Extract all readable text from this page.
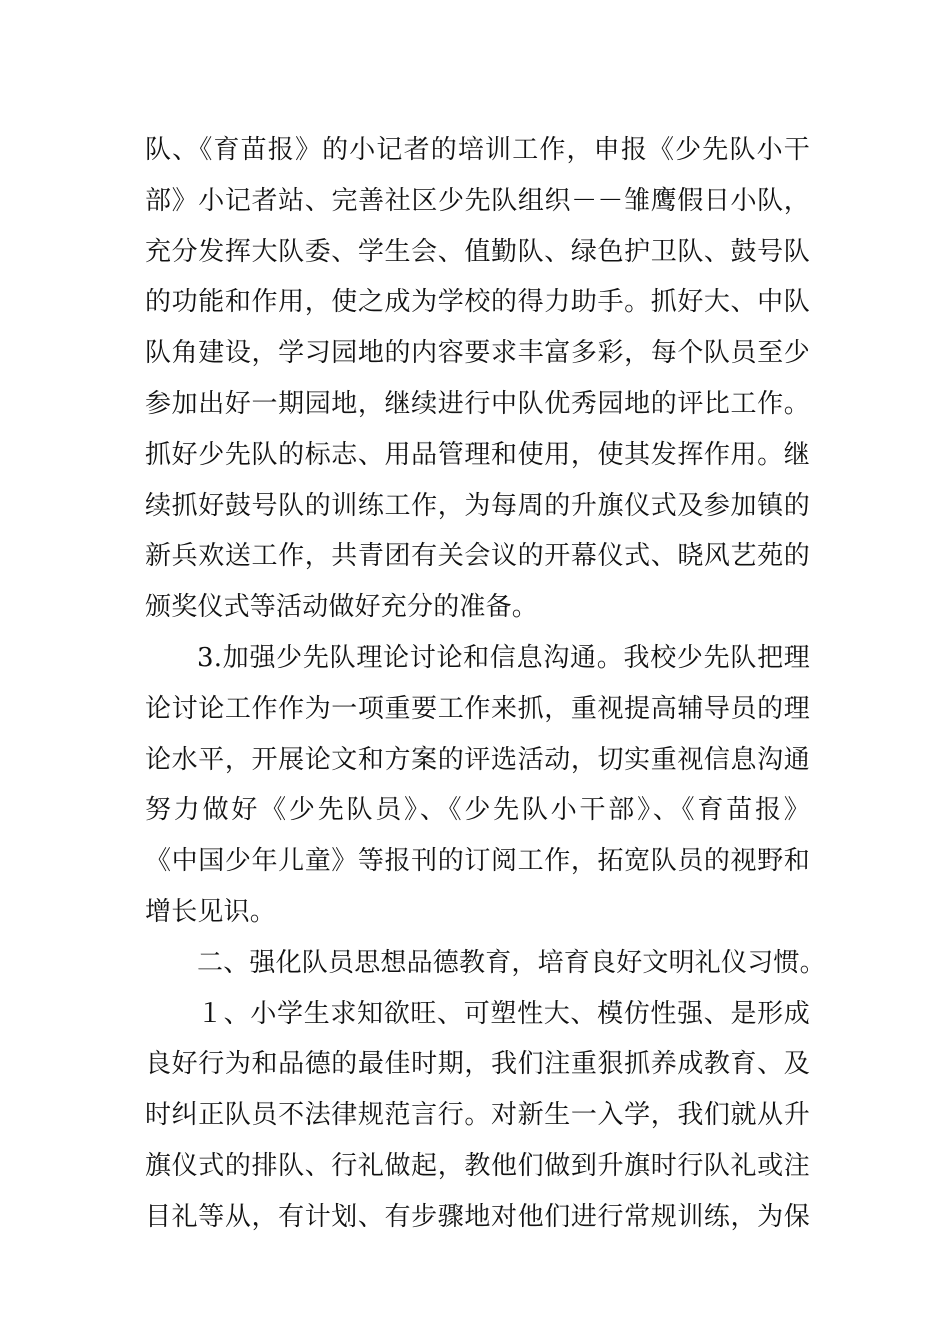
队、《育苗报》的小记者的培训工作，申报《少先队小干
部》小记者站、完善社区少先队组织－－雏鹰假日小队，
充分发挥大队委、学生会、值勤队、绿色护卫队、鼓号队
的功能和作用，使之成为学校的得力助手。抓好大、中队
队角建设，学习园地的内容要求丰富多彩，每个队员至少
参加出好一期园地，继续进行中队优秀园地的评比工作。
抓好少先队的标志、用品管理和使用，使其发挥作用。继
续抓好鼓号队的训练工作，为每周的升旗仪式及参加镇的
新兵欢送工作，共青团有关会议的开幕仪式、晓风艺苑的
颁奖仪式等活动做好充分的准备。
3.加强少先队理论讨论和信息沟通。我校少先队把理
论讨论工作作为一项重要工作来抓，重视提高辅导员的理
论水平，开展论文和方案的评选活动，切实重视信息沟通
努力做好《少先队员》、《少先队小干部》、《育苗报》
《中国少年儿童》等报刊的订阅工作，拓宽队员的视野和
增长见识。
二、强化队员思想品德教育，培育良好文明礼仪习惯。
１、小学生求知欲旺、可塑性大、模仿性强、是形成
良好行为和品德的最佳时期，我们注重狠抓养成教育、及
时纠正队员不法律规范言行。对新生一入学，我们就从升
旗仪式的排队、行礼做起，教他们做到升旗时行队礼或注
目礼等从，有计划、有步骤地对他们进行常规训练，为保
